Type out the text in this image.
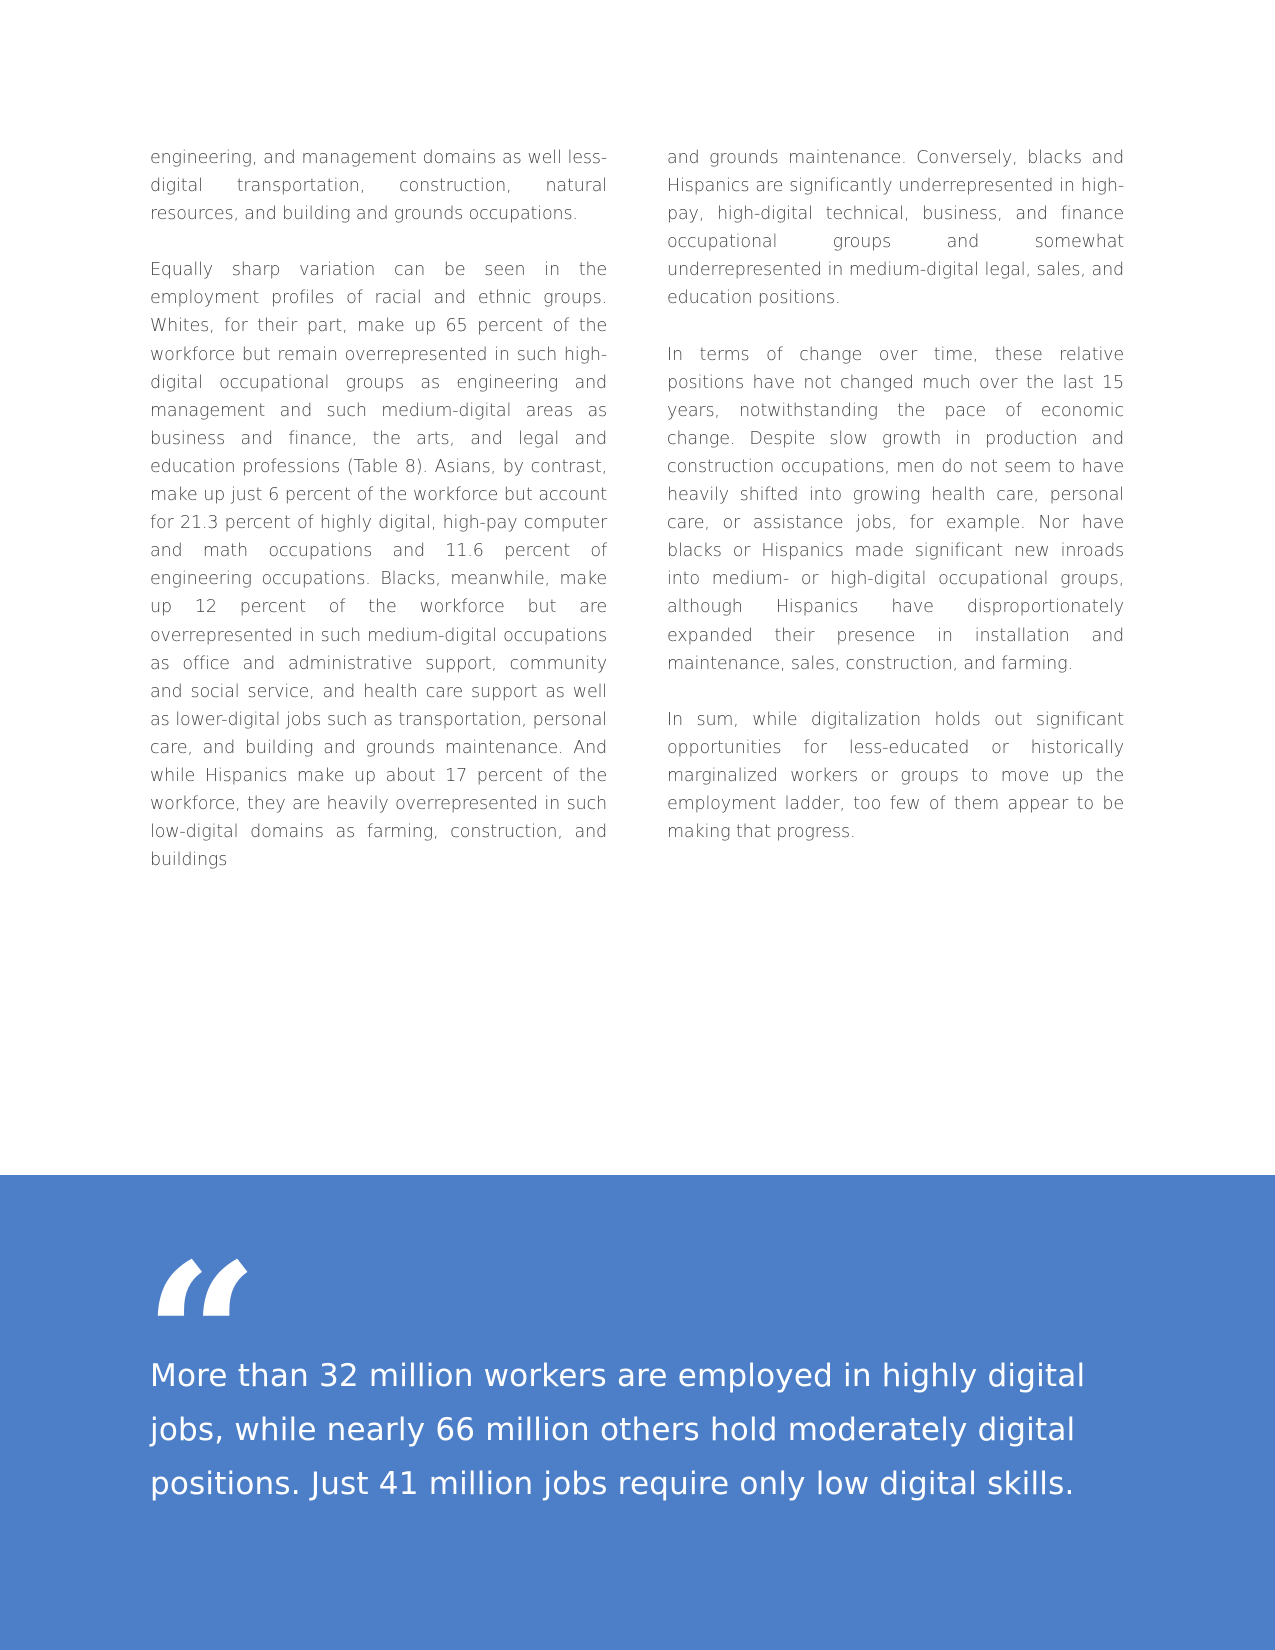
engineering, and management domains as well less-digital transportation, construction, natural resources, and building and grounds occupations.

Equally sharp variation can be seen in the employment profiles of racial and ethnic groups. Whites, for their part, make up 65 percent of the workforce but remain overrepresented in such high-digital occupational groups as engineering and management and such medium-digital areas as business and finance, the arts, and legal and education professions (Table 8). Asians, by contrast, make up just 6 percent of the workforce but account for 21.3 percent of highly digital, high-pay computer and math occupations and 11.6 percent of engineering occupations. Blacks, meanwhile, make up 12 percent of the workforce but are overrepresented in such medium-digital occupations as office and administrative support, community and social service, and health care support as well as lower-digital jobs such as transportation, personal care, and building and grounds maintenance. And while Hispanics make up about 17 percent of the workforce, they are heavily overrepresented in such low-digital domains as farming, construction, and buildings

and grounds maintenance. Conversely, blacks and Hispanics are significantly underrepresented in high-pay, high-digital technical, business, and finance occupational groups and somewhat underrepresented in medium-digital legal, sales, and education positions.

In terms of change over time, these relative positions have not changed much over the last 15 years, notwithstanding the pace of economic change. Despite slow growth in production and construction occupations, men do not seem to have heavily shifted into growing health care, personal care, or assistance jobs, for example. Nor have blacks or Hispanics made significant new inroads into medium- or high-digital occupational groups, although Hispanics have disproportionately expanded their presence in installation and maintenance, sales, construction, and farming.

In sum, while digitalization holds out significant opportunities for less-educated or historically marginalized workers or groups to move up the employment ladder, too few of them appear to be making that progress.

“

More than 32 million workers are employed in highly digital jobs, while nearly 66 million others hold moderately digital positions. Just 41 million jobs require only low digital skills.
